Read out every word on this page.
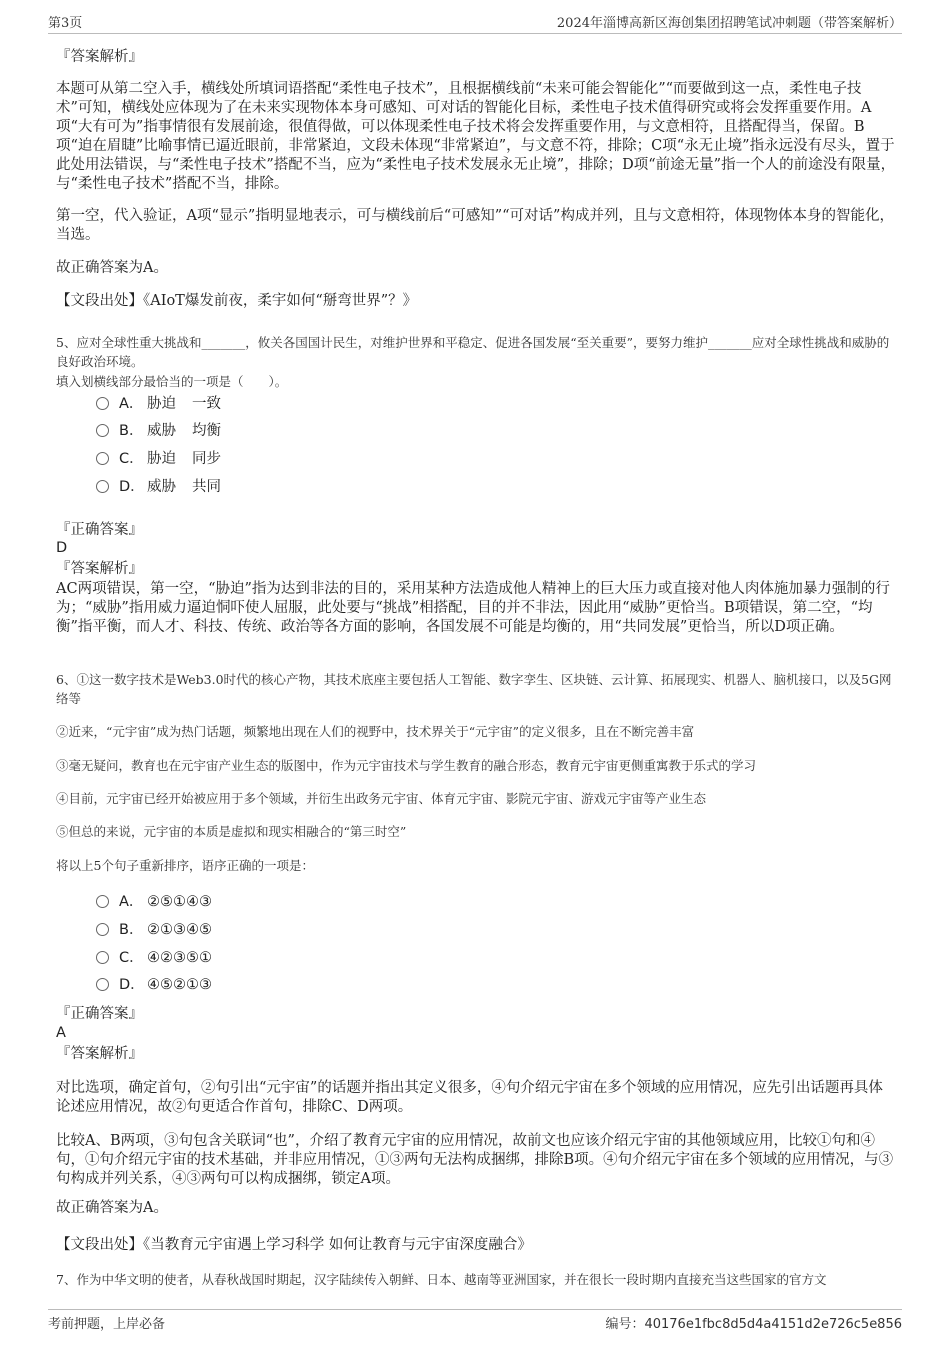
第3页	2024年淄博高新区海创集团招聘笔试冲刺题（带答案解析）
『答案解析』
本题可从第二空入手，横线处所填词语搭配“柔性电子技术”，且根据横线前“未来可能会智能化”“而要做到这一点，柔性电子技术”可知，横线处应体现为了在未来实现物体本身可感知、可对话的智能化目标，柔性电子技术值得研究或将会发挥重要作用。A项“大有可为”指事情很有发展前途，很值得做，可以体现柔性电子技术将会发挥重要作用，与文意相符，且搭配得当，保留。B项“迫在眉睫”比喻事情已逼近眼前，非常紧迫，文段未体现“非常紧迫”，与文意不符，排除；C项“永无止境”指永远没有尽头，置于此处用法错误，与“柔性电子技术”搭配不当，应为“柔性电子技术发展永无止境”，排除；D项“前途无量”指一个人的前途没有限量，与“柔性电子技术”搭配不当，排除。
第一空，代入验证，A项“显示”指明显地表示，可与横线前后“可感知”“可对话”构成并列，且与文意相符，体现物体本身的智能化，当选。
故正确答案为A。
【文段出处】《AIoT爆发前夜，柔宇如何“掰弯世界”？》
5、应对全球性重大挑战和_______，攸关各国国计民生，对维护世界和平稳定、促进各国发展“至关重要”，要努力维护_______应对全球性挑战和威胁的良好政治环境。
填入划横线部分最恰当的一项是（　　）。
A． 胁迫 一致
B． 威胁 均衡
C． 胁迫 同步
D． 威胁 共同
『正确答案』
D
『答案解析』
AC两项错误，第一空，“胁迫”指为达到非法的目的，采用某种方法造成他人精神上的巨大压力或直接对他人肉体施加暴力强制的行为；“威胁”指用威力逼迫恫吓使人屈服，此处要与“挑战”相搭配，目的并不非法，因此用“威胁”更恰当。B项错误，第二空，“均衡”指平衡，而人才、科技、传统、政治等各方面的影响，各国发展不可能是均衡的，用“共同发展”更恰当，所以D项正确。
6、①这一数字技术是Web3.0时代的核心产物，其技术底座主要包括人工智能、数字孪生、区块链、云计算、拓展现实、机器人、脑机接口，以及5G网络等
②近来，“元宇宙”成为热门话题，频繁地出现在人们的视野中，技术界关于“元宇宙”的定义很多，且在不断完善丰富
③毫无疑问，教育也在元宇宙产业生态的版图中，作为元宇宙技术与学生教育的融合形态，教育元宇宙更侧重寓教于乐式的学习
④目前，元宇宙已经开始被应用于多个领域，并衍生出政务元宇宙、体育元宇宙、影院元宇宙、游戏元宇宙等产业生态
⑤但总的来说，元宇宙的本质是虚拟和现实相融合的“第三时空”
将以上5个句子重新排序，语序正确的一项是：
A． ②⑤①④③
B． ②①③④⑤
C． ④②③⑤①
D． ④⑤②①③
『正确答案』
A
『答案解析』
对比选项，确定首句，②句引出“元宇宙”的话题并指出其定义很多，④句介绍元宇宙在多个领域的应用情况，应先引出话题再具体论述应用情况，故②句更适合作首句，排除C、D两项。
比较A、B两项，③句包含关联词“也”，介绍了教育元宇宙的应用情况，故前文也应该介绍元宇宙的其他领域应用，比较①句和④句，①句介绍元宇宙的技术基础，并非应用情况，①③两句无法构成捆绑，排除B项。④句介绍元宇宙在多个领域的应用情况，与③句构成并列关系，④③两句可以构成捆绑，锁定A项。
故正确答案为A。
【文段出处】《当教育元宇宙遇上学习科学 如何让教育与元宇宙深度融合》
7、作为中华文明的使者，从春秋战国时期起，汉字陆续传入朝鲜、日本、越南等亚洲国家，并在很长一段时期内直接充当这些国家的官方文
考前押题，上岸必备	编号：40176e1fbc8d5d4a4151d2e726c5e856
